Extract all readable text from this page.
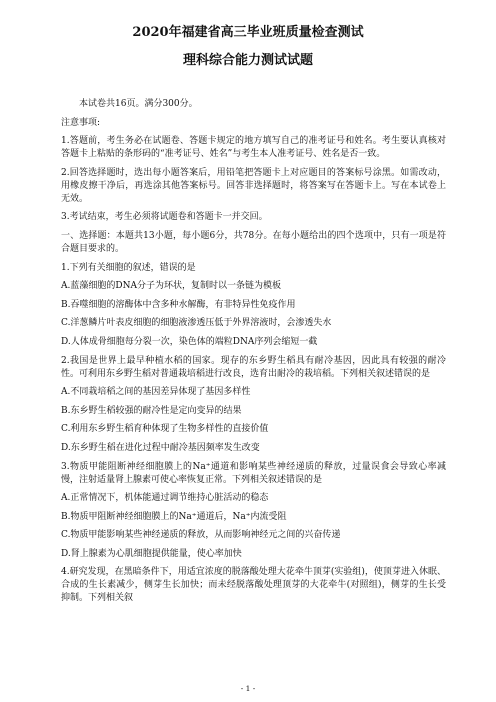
2020年福建省高三毕业班质量检查测试
理科综合能力测试试题

本试卷共16页。满分300分。

注意事项:

1.答题前，考生务必在试题卷、答题卡规定的地方填写自己的准考证号和姓名。考生要认真核对答题卡上粘贴的条形码的“准考证号、姓名”与考生本人准考证号、姓名是否一致。

2.回答选择题时，选出每小题答案后，用铅笔把答题卡上对应题目的答案标号涂黑。如需改动，用橡皮擦干净后，再选涂其他答案标号。回答非选择题时，将答案写在答题卡上。写在本试卷上无效。

3.考试结束，考生必须将试题卷和答题卡一并交回。

一、选择题：本题共13小题，每小题6分，共78分。在每小题给出的四个选项中，只有一项是符合题目要求的。

1.下列有关细胞的叙述，错误的是

A.蓝藻细胞的DNA分子为环状，复制时以一条链为模板

B.吞噬细胞的溶酶体中含多种水解酶，有非特异性免疫作用

C.洋葱鳞片叶表皮细胞的细胞液渗透压低于外界溶液时，会渗透失水

D.人体成骨细胞每分裂一次，染色体的端粒DNA序列会缩短一截

2.我国是世界上最早种植水稻的国家。现存的东乡野生稻具有耐冷基因，因此具有较强的耐冷性。可利用东乡野生稻对普通栽培稻进行改良，选育出耐冷的栽培稻。下列相关叙述错误的是

A.不同栽培稻之间的基因差异体现了基因多样性

B.东乡野生稻较强的耐冷性是定向变异的结果

C.利用东乡野生稻育种体现了生物多样性的直接价值

D.东乡野生稻在进化过程中耐冷基因频率发生改变

3.物质甲能阻断神经细胞膜上的Na⁺通道和影响某些神经递质的释放，过量误食会导致心率减慢，注射适量肾上腺素可使心率恢复正常。下列相关叙述错误的是

A.正常情况下，机体能通过调节维持心脏活动的稳态

B.物质甲阻断神经细胞膜上的Na⁺通道后，Na⁺内流受阻

C.物质甲能影响某些神经递质的释放，从而影响神经元之间的兴奋传递

D.肾上腺素为心肌细胞提供能量，使心率加快

4.研究发现，在黑暗条件下，用适宜浓度的脱落酸处理大花牵牛顶芽(实验组)，使顶芽进入休眠、合成的生长素减少，侧芽生长加快；而未经脱落酸处理顶芽的大花牵牛(对照组)，侧芽的生长受抑制。下列相关叙

- 1 -
